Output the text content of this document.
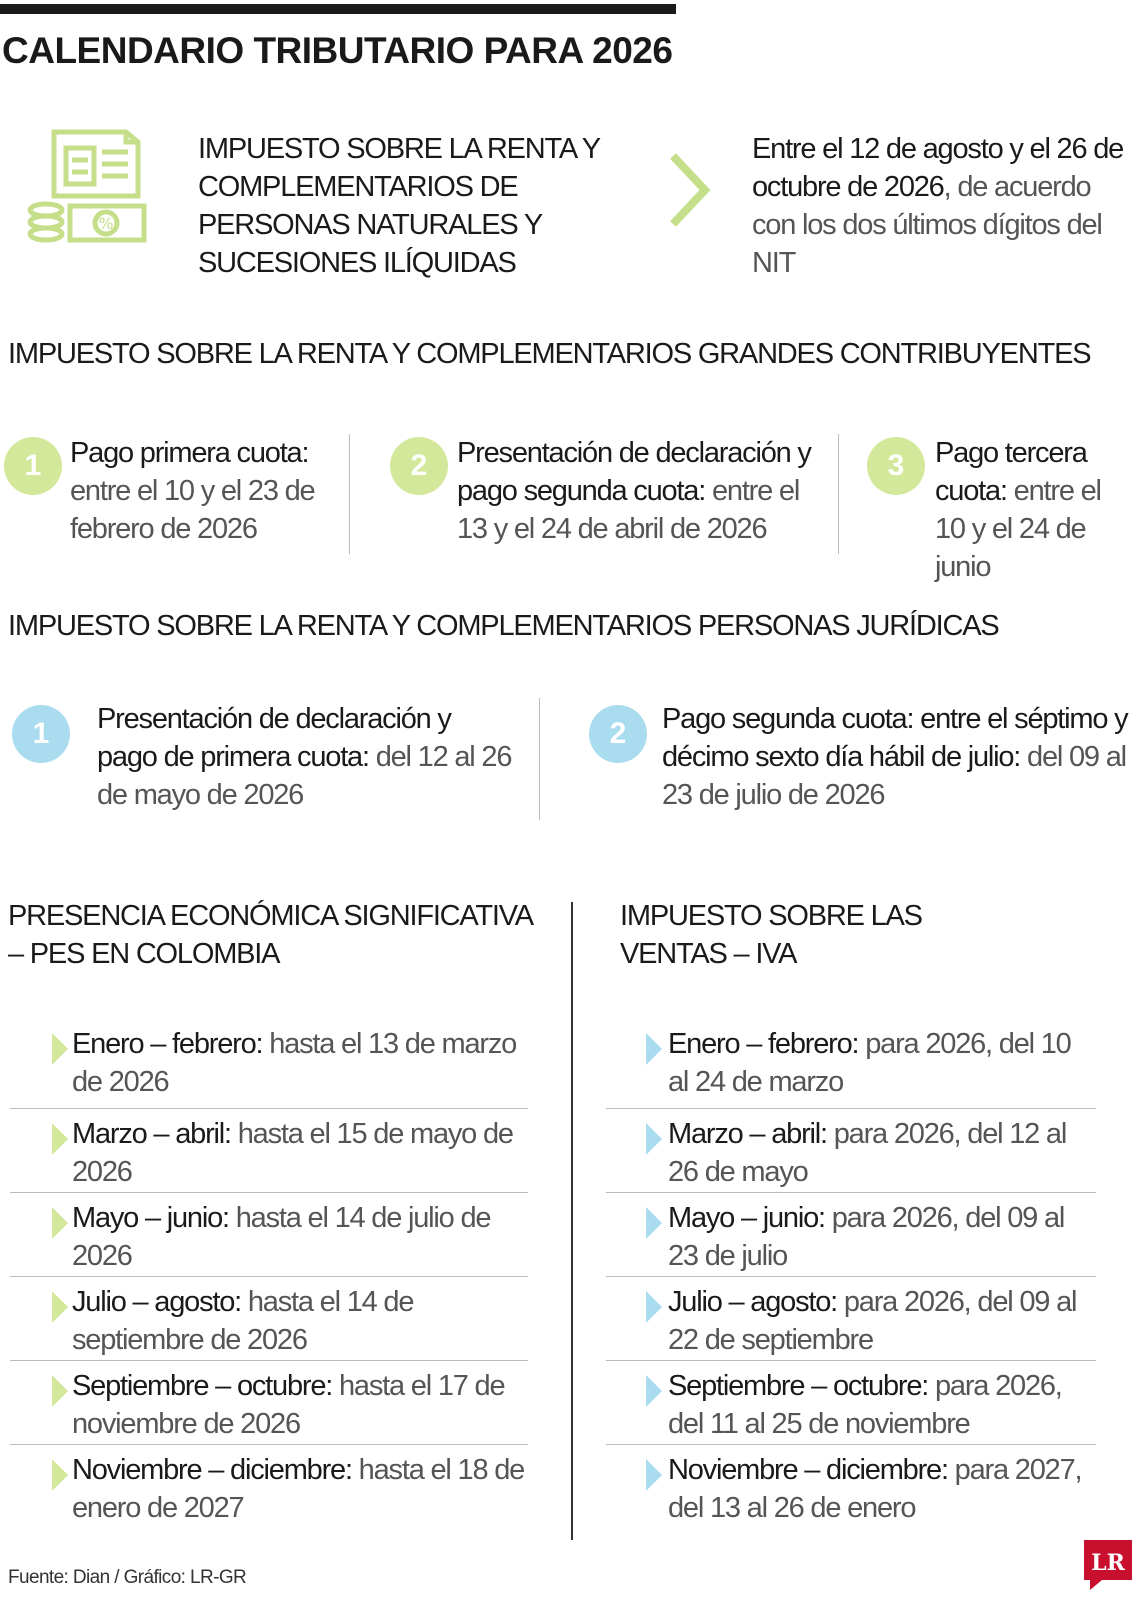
CALENDARIO TRIBUTARIO PARA 2026
%
IMPUESTO SOBRE LA RENTA Y COMPLEMENTARIOS DE PERSONAS NATURALES Y SUCESIONES ILÍQUIDAS
Entre el 12 de agosto y el 26 de octubre de 2026, de acuerdo con los dos últimos dígitos del NIT
IMPUESTO SOBRE LA RENTA Y COMPLEMENTARIOS GRANDES CONTRIBUYENTES
1 Pago primera cuota: entre el 10 y el 23 de febrero de 2026
2	Presentación de declaración y pago segunda cuota: entre el 13 y el 24 de abril de 2026
3	Pago tercera cuota: entre el 10 y el 24 de junio
IMPUESTO SOBRE LA RENTA Y COMPLEMENTARIOS PERSONAS JURÍDICAS
1	Presentación de declaración y pago de primera cuota: del 12 al 26 de mayo de 2026
2	Pago segunda cuota: entre el séptimo y décimo sexto día hábil de julio: del 09 al 23 de julio de 2026
PRESENCIA ECONÓMICA SIGNIFICATIVA
– PES EN COLOMBIA
Enero – febrero: hasta el 13 de marzo de 2026
Marzo – abril: hasta el 15 de mayo de 2026
Mayo – junio: hasta el 14 de julio de 2026
Julio – agosto: hasta el 14 de septiembre de 2026
Septiembre – octubre: hasta el 17 de noviembre de 2026
Noviembre – diciembre: hasta el 18 de enero de 2027
IMPUESTO SOBRE LAS
VENTAS – IVA
Enero – febrero: para 2026, del 10 al 24 de marzo
Marzo – abril: para 2026, del 12 al 26 de mayo
Mayo – junio: para 2026, del 09 al 23 de julio
Julio – agosto: para 2026, del 09 al 22 de septiembre
Septiembre – octubre: para 2026, del 11 al 25 de noviembre
Noviembre – diciembre: para 2027, del 13 al 26 de enero
Fuente: Dian / Gráfico: LR-GR
LR
